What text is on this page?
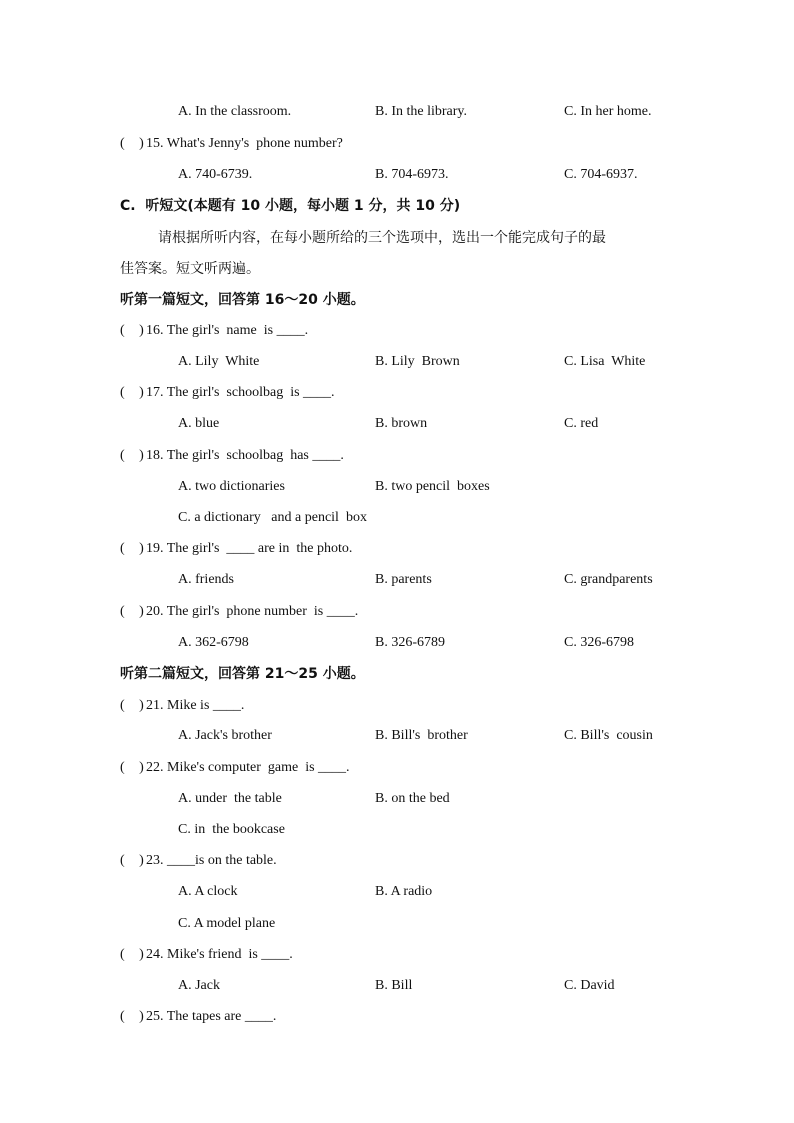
A. In the classroom.	B. In the library.	C. In her home.
(   ) 15. What's Jenny's  phone number?
A. 740-6739.	B. 704-6973.	C. 704-6937.
C.  听短文(本题有 10 小题，每小题 1 分，共 10 分)
请根据所听内容，在每小题所给的三个选项中，选出一个能完成句子的最
佳答案。短文听两遍。
听第一篇短文，回答第 16～20 小题。
(   ) 16. The girl's  name  is ____.
A. Lily  White	B. Lily  Brown	C. Lisa  White
(   ) 17. The girl's  schoolbag  is ____.
A. blue	B. brown	C. red
(   ) 18. The girl's  schoolbag  has ____.
A. two dictionaries	B. two pencil  boxes
C. a dictionary   and a pencil  box
(   ) 19. The girl's  ____ are in  the photo.
A. friends	B. parents	C. grandparents
(   ) 20. The girl's  phone number  is ____.
A. 362-6798	B. 326-6789	C. 326-6798
听第二篇短文，回答第 21～25 小题。
(   ) 21. Mike is ____.
A. Jack's brother	B. Bill's  brother	C. Bill's  cousin
(   ) 22. Mike's computer  game  is ____.
A. under  the table	B. on the bed
C. in  the bookcase
(   ) 23. ____is on the table.
A. A clock	B. A radio
C. A model plane
(   ) 24. Mike's friend  is ____.
A. Jack	B. Bill	C. David
(   ) 25. The tapes are ____.
